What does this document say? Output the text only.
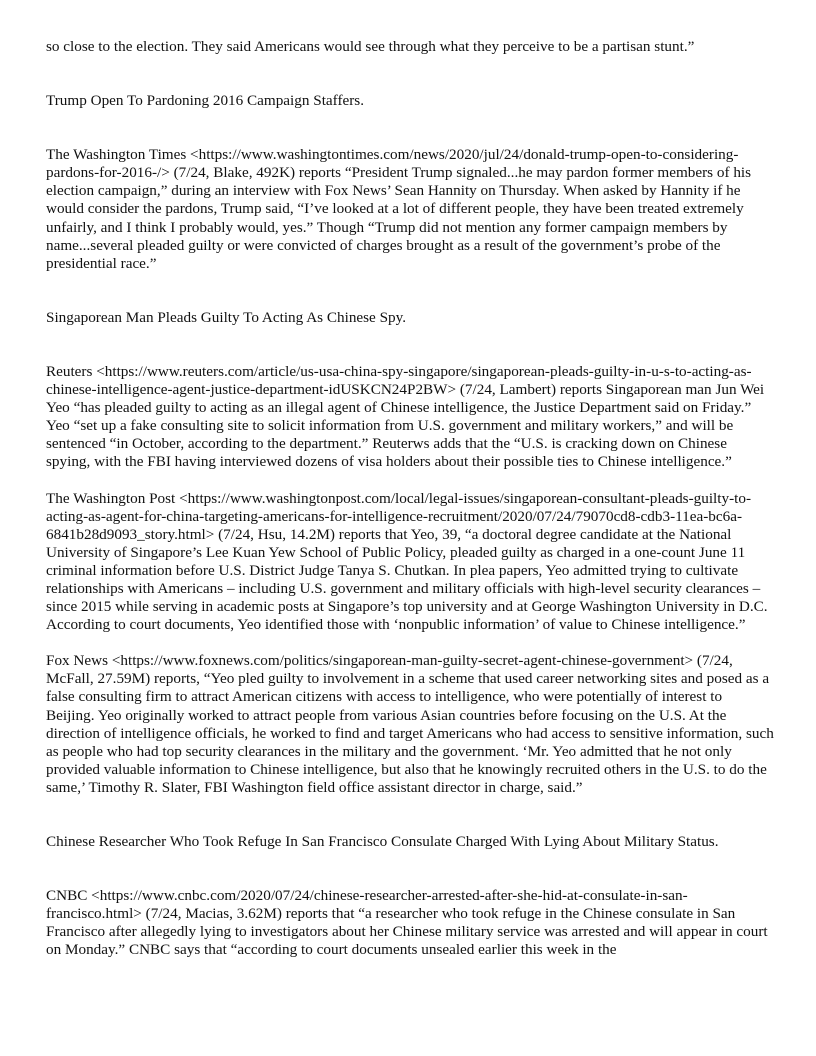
so close to the election. They said Americans would see through what they perceive to be a partisan stunt.”

Trump Open To Pardoning 2016 Campaign Staffers.

The Washington Times <https://www.washingtontimes.com/news/2020/jul/24/donald-trump-open-to-considering-pardons-for-2016-/> (7/24, Blake, 492K) reports “President Trump signaled...he may pardon former members of his election campaign,” during an interview with Fox News’ Sean Hannity on Thursday. When asked by Hannity if he would consider the pardons, Trump said, “I’ve looked at a lot of different people, they have been treated extremely unfairly, and I think I probably would, yes.” Though “Trump did not mention any former campaign members by name...several pleaded guilty or were convicted of charges brought as a result of the government’s probe of the presidential race.”

Singaporean Man Pleads Guilty To Acting As Chinese Spy.

Reuters <https://www.reuters.com/article/us-usa-china-spy-singapore/singaporean-pleads-guilty-in-u-s-to-acting-as-chinese-intelligence-agent-justice-department-idUSKCN24P2BW> (7/24, Lambert) reports Singaporean man Jun Wei Yeo “has pleaded guilty to acting as an illegal agent of Chinese intelligence, the Justice Department said on Friday.” Yeo “set up a fake consulting site to solicit information from U.S. government and military workers,” and will be sentenced “in October, according to the department.” Reuterws adds that the “U.S. is cracking down on Chinese spying, with the FBI having interviewed dozens of visa holders about their possible ties to Chinese intelligence.”

The Washington Post <https://www.washingtonpost.com/local/legal-issues/singaporean-consultant-pleads-guilty-to-acting-as-agent-for-china-targeting-americans-for-intelligence-recruitment/2020/07/24/79070cd8-cdb3-11ea-bc6a-6841b28d9093_story.html> (7/24, Hsu, 14.2M) reports that Yeo, 39, “a doctoral degree candidate at the National University of Singapore’s Lee Kuan Yew School of Public Policy, pleaded guilty as charged in a one-count June 11 criminal information before U.S. District Judge Tanya S. Chutkan. In plea papers, Yeo admitted trying to cultivate relationships with Americans – including U.S. government and military officials with high-level security clearances – since 2015 while serving in academic posts at Singapore’s top university and at George Washington University in D.C. According to court documents, Yeo identified those with ‘nonpublic information’ of value to Chinese intelligence.”

Fox News <https://www.foxnews.com/politics/singaporean-man-guilty-secret-agent-chinese-government> (7/24, McFall, 27.59M) reports, “Yeo pled guilty to involvement in a scheme that used career networking sites and posed as a false consulting firm to attract American citizens with access to intelligence, who were potentially of interest to Beijing. Yeo originally worked to attract people from various Asian countries before focusing on the U.S. At the direction of intelligence officials, he worked to find and target Americans who had access to sensitive information, such as people who had top security clearances in the military and the government. ‘Mr. Yeo admitted that he not only provided valuable information to Chinese intelligence, but also that he knowingly recruited others in the U.S. to do the same,’ Timothy R. Slater, FBI Washington field office assistant director in charge, said.”

Chinese Researcher Who Took Refuge In San Francisco Consulate Charged With Lying About Military Status.

CNBC <https://www.cnbc.com/2020/07/24/chinese-researcher-arrested-after-she-hid-at-consulate-in-san-francisco.html> (7/24, Macias, 3.62M) reports that “a researcher who took refuge in the Chinese consulate in San Francisco after allegedly lying to investigators about her Chinese military service was arrested and will appear in court on Monday.” CNBC says that “according to court documents unsealed earlier this week in the
